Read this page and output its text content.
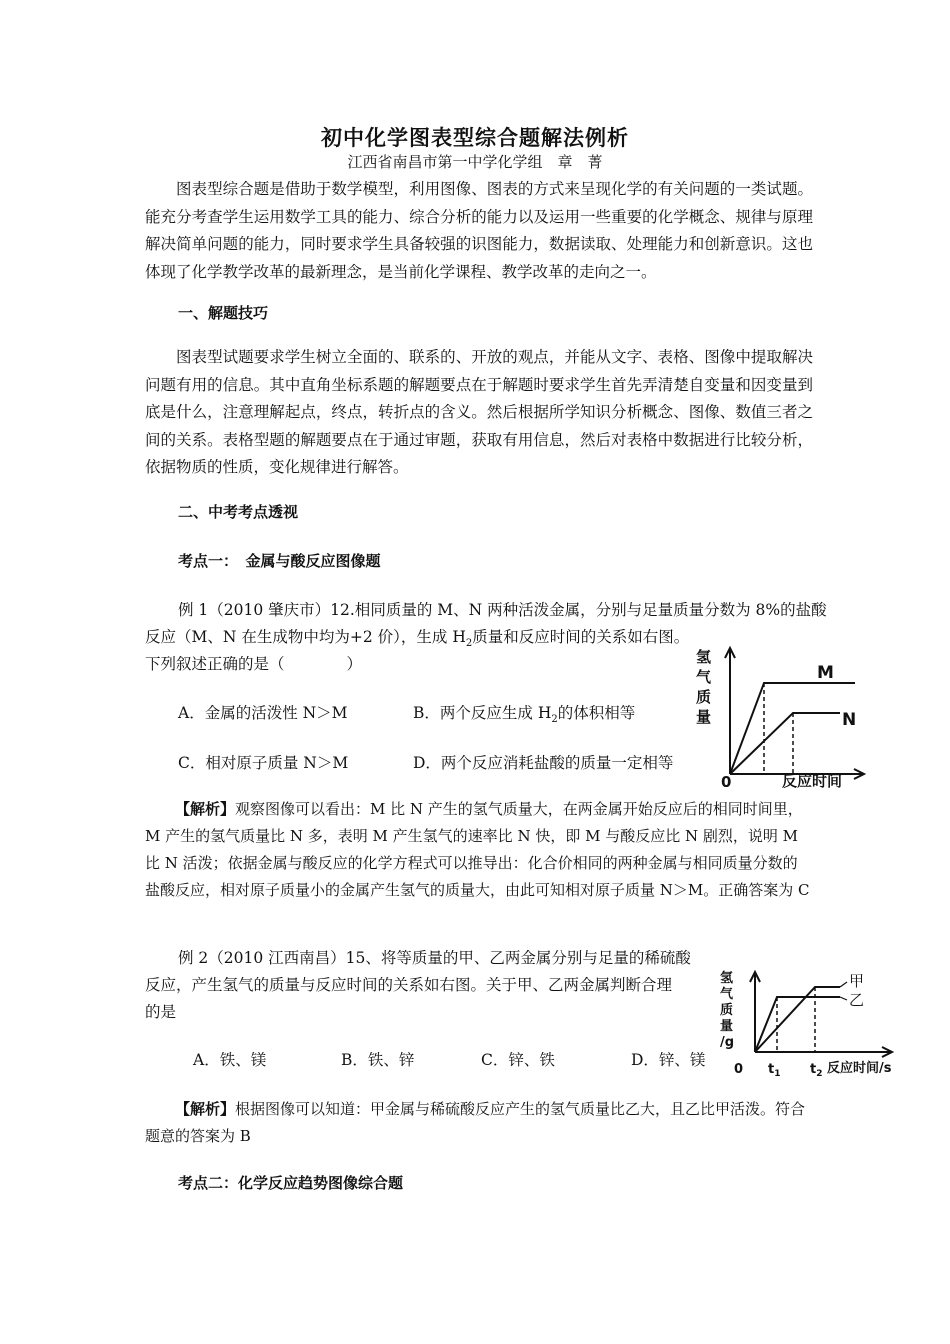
初中化学图表型综合题解法例析
江西省南昌市第一中学化学组　章　菁
图表型综合题是借助于数学模型，利用图像、图表的方式来呈现化学的有关问题的一类试题。能充分考查学生运用数学工具的能力、综合分析的能力以及运用一些重要的化学概念、规律与原理解决简单问题的能力，同时要求学生具备较强的识图能力，数据读取、处理能力和创新意识。这也体现了化学教学改革的最新理念，是当前化学课程、教学改革的走向之一。
一、解题技巧
图表型试题要求学生树立全面的、联系的、开放的观点，并能从文字、表格、图像中提取解决问题有用的信息。其中直角坐标系题的解题要点在于解题时要求学生首先弄清楚自变量和因变量到底是什么，注意理解起点，终点，转折点的含义。然后根据所学知识分析概念、图像、数值三者之间的关系。表格型题的解题要点在于通过审题，获取有用信息，然后对表格中数据进行比较分析，依据物质的性质，变化规律进行解答。
二、中考考点透视
考点一：　金属与酸反应图像题
例 1（2010 肇庆市）12.相同质量的 M、N 两种活泼金属，分别与足量质量分数为 8%的盐酸
反应（M、N 在生成物中均为+2 价），生成 $H_2$质量和反应时间的关系如右图。
下列叙述正确的是（　　　　）
A．金属的活泼性 N＞M	B．两个反应生成 $H_2$的体积相等
C．相对原子质量 N＞M	D．两个反应消耗盐酸的质量一定相等
氢
气
质
量
0	反应时间
M
N
【解析】观察图像可以看出：M 比 N 产生的氢气质量大，在两金属开始反应后的相同时间里，M 产生的氢气质量比 N 多，表明 M 产生氢气的速率比 N 快，即 M 与酸反应比 N 剧烈，说明 M 比 N 活泼；依据金属与酸反应的化学方程式可以推导出：化合价相同的两种金属与相同质量分数的盐酸反应，相对原子质量小的金属产生氢气的质量大，由此可知相对原子质量 N＞M。正确答案为 C
例 2（2010 江西南昌）15、将等质量的甲、乙两金属分别与足量的稀硫酸
反应，产生氢气的质量与反应时间的关系如右图。关于甲、乙两金属判断合理
的是
A．铁、镁	B．铁、锌	C．锌、铁	D．锌、镁
氢
气
质
量
/g
0 $t_1$ $t_2$ 反应时间/s
甲
乙
【解析】根据图像可以知道：甲金属与稀硫酸反应产生的氢气质量比乙大，且乙比甲活泼。符合题意的答案为 B
考点二：化学反应趋势图像综合题
